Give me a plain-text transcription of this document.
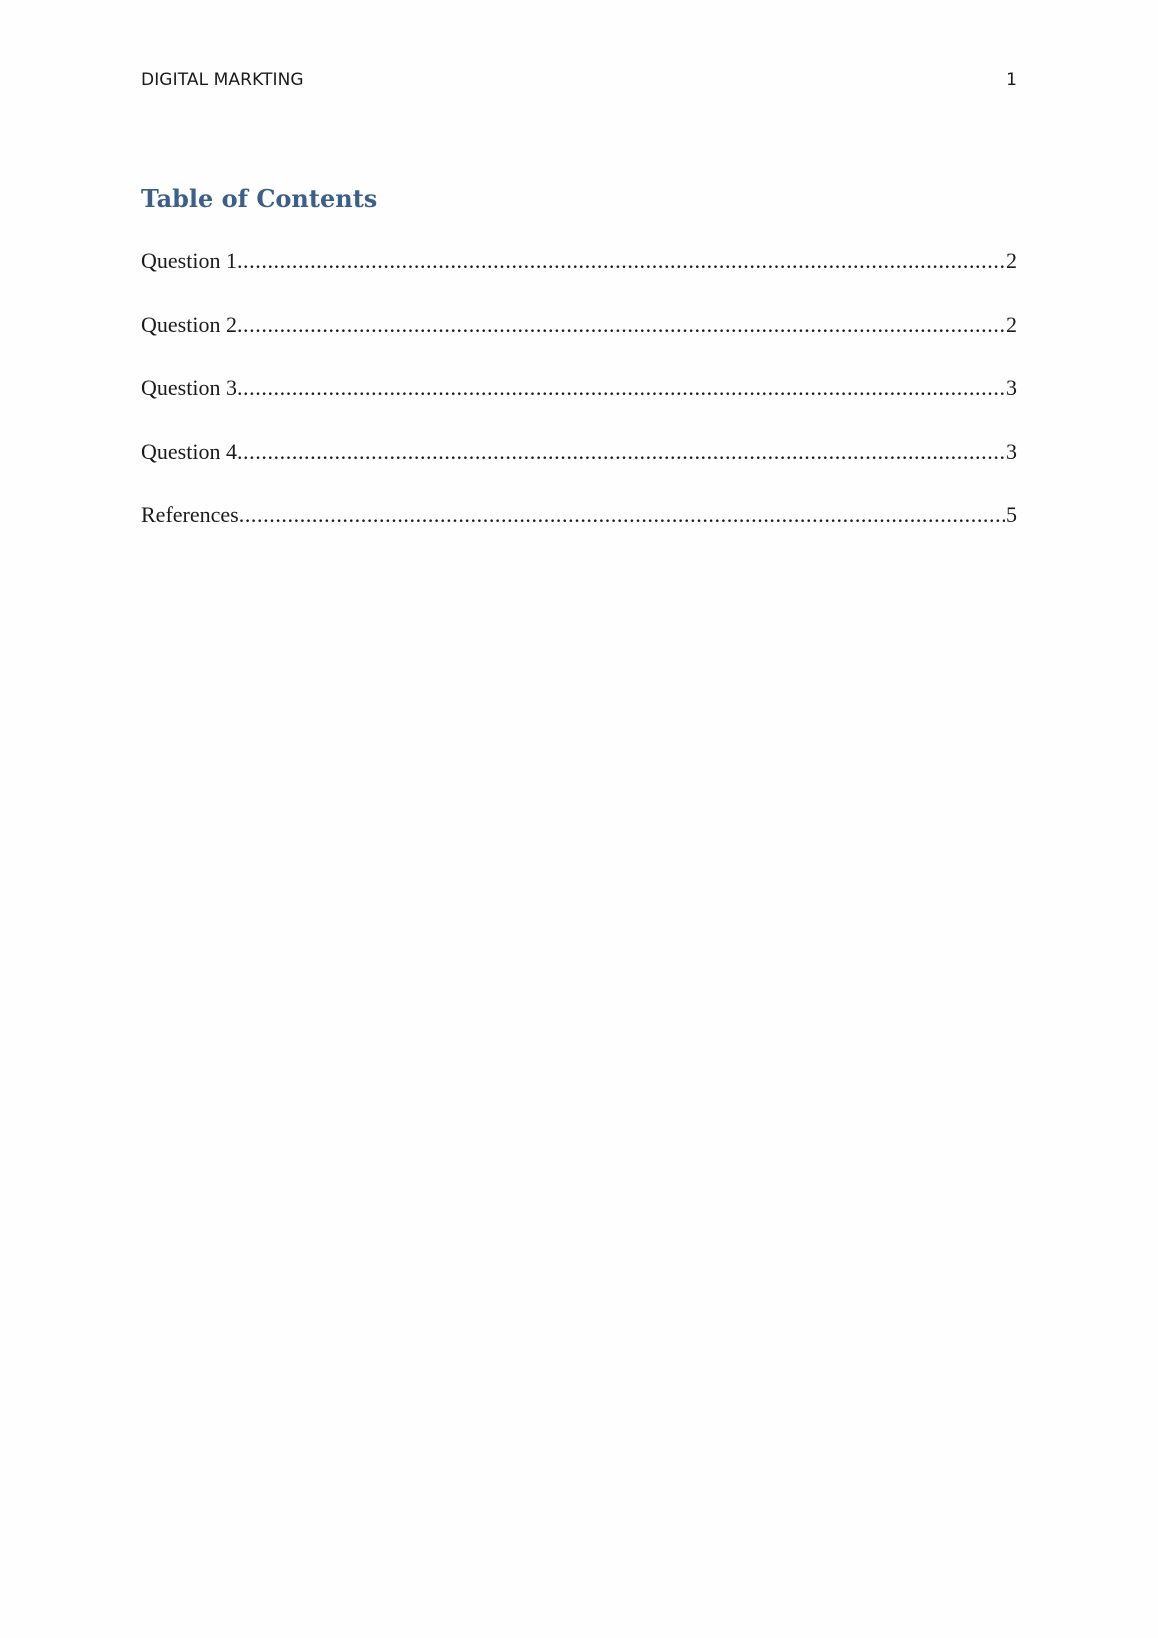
DIGITAL MARKTING	1
Table of Contents
Question 1 .....	2
Question 2 .....	2
Question 3 .....	3
Question 4 .....	3
References .....	5
